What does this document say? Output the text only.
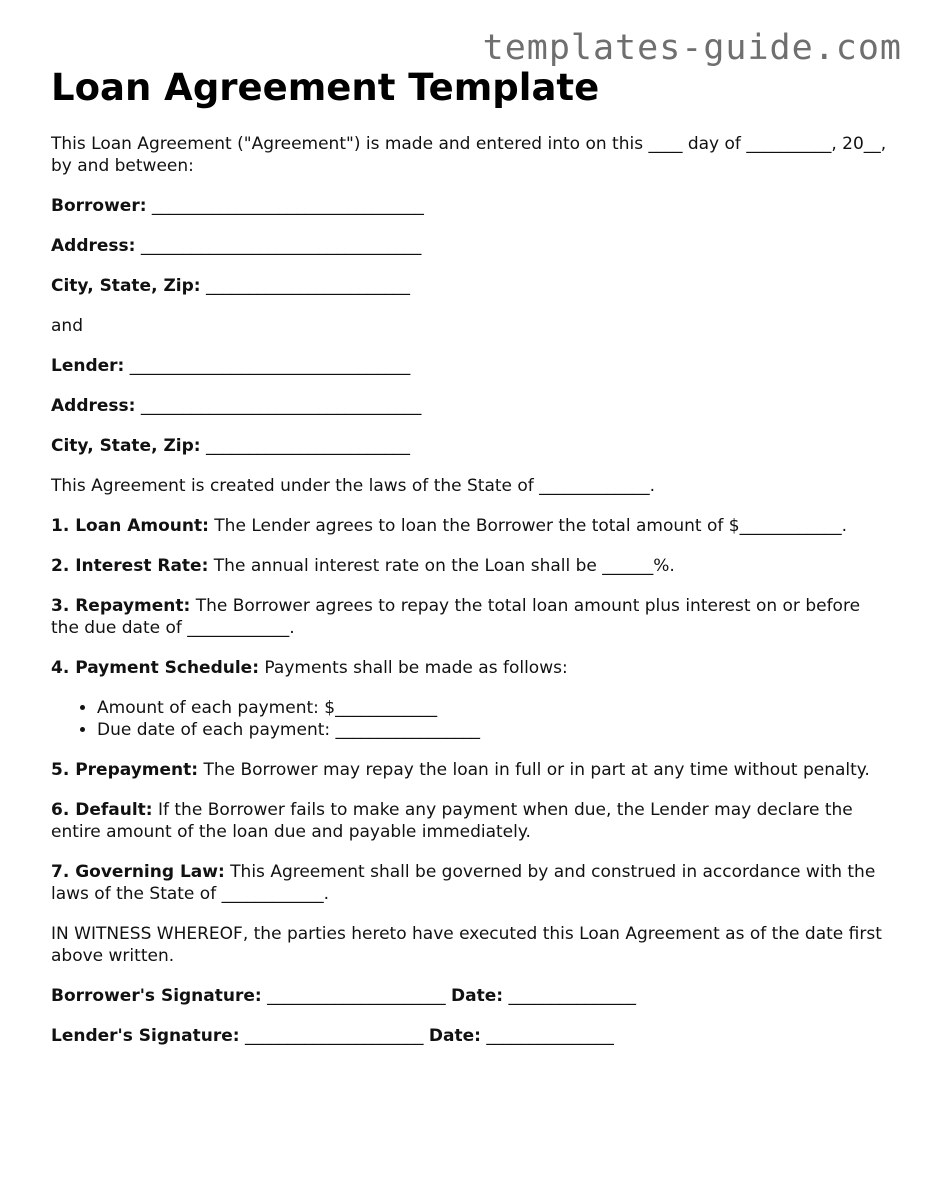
templates-guide.com
Loan Agreement Template

This Loan Agreement ("Agreement") is made and entered into on this ____ day of __________, 20__, by and between:

Borrower: ________________________________

Address: _________________________________

City, State, Zip: ________________________

and

Lender: _________________________________

Address: _________________________________

City, State, Zip: ________________________

This Agreement is created under the laws of the State of _____________.

1. Loan Amount: The Lender agrees to loan the Borrower the total amount of $____________.

2. Interest Rate: The annual interest rate on the Loan shall be ______%.

3. Repayment: The Borrower agrees to repay the total loan amount plus interest on or before the due date of ____________.

4. Payment Schedule: Payments shall be made as follows:

• Amount of each payment: $____________
• Due date of each payment: _________________

5. Prepayment: The Borrower may repay the loan in full or in part at any time without penalty.

6. Default: If the Borrower fails to make any payment when due, the Lender may declare the entire amount of the loan due and payable immediately.

7. Governing Law: This Agreement shall be governed by and construed in accordance with the laws of the State of ____________.

IN WITNESS WHEREOF, the parties hereto have executed this Loan Agreement as of the date first above written.

Borrower's Signature: _____________________ Date: _______________

Lender's Signature: _____________________ Date: _______________
